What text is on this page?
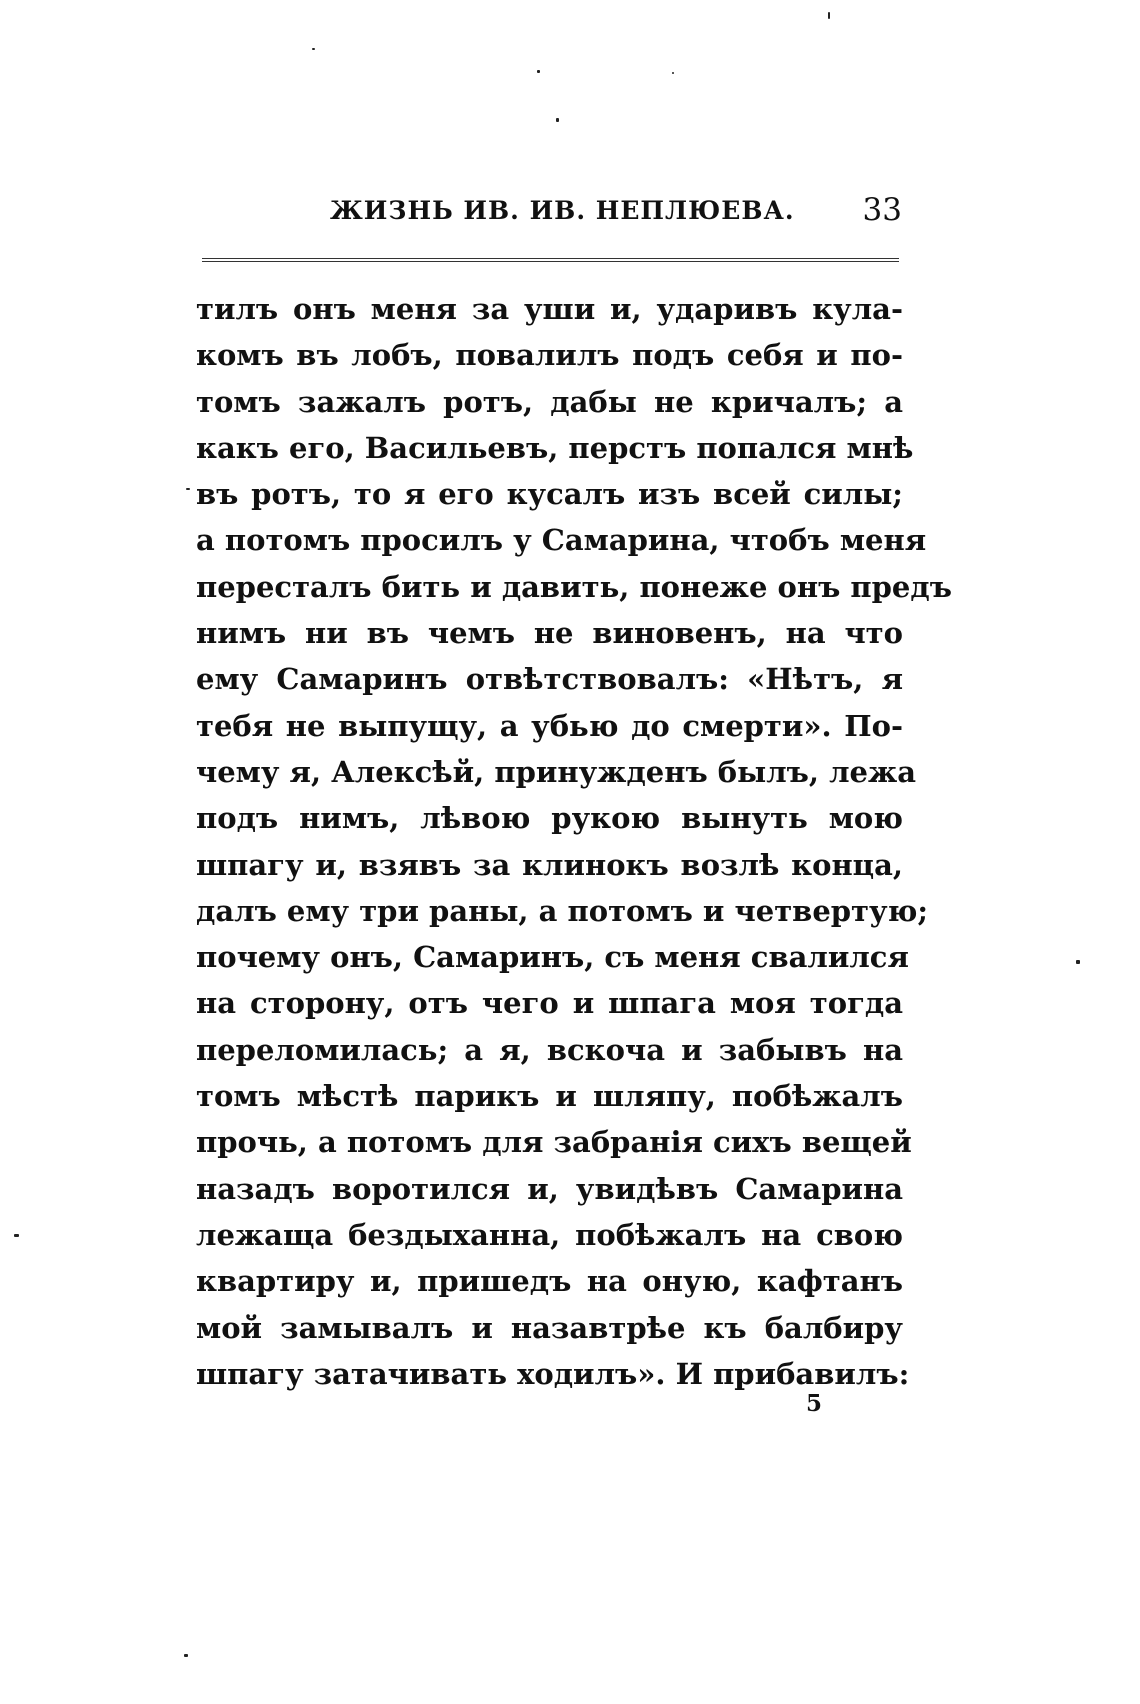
ЖИЗНЬ ИВ. ИВ. НЕПЛЮЕВА.	33
тилъ онъ меня за уши и, ударивъ кула-
комъ въ лобъ, повалилъ подъ себя и по-
томъ зажалъ ротъ, дабы не кричалъ; а
какъ его, Васильевъ, перстъ попался мнѣ
въ ротъ, то я его кусалъ изъ всей силы;
а потомъ просилъ у Самарина, чтобъ меня
пересталъ бить и давить, понеже онъ предъ
нимъ ни въ чемъ не виновенъ, на что
ему Самаринъ отвѣтствовалъ: «Нѣтъ, я
тебя не выпущу, а убью до смерти». По-
чему я, Алексѣй, принужденъ былъ, лежа
подъ нимъ, лѣвою рукою вынуть мою
шпагу и, взявъ за клинокъ возлѣ конца,
далъ ему три раны, а потомъ и четвертую;
почему онъ, Самаринъ, съ меня свалился
на сторону, отъ чего и шпага моя тогда
переломилась; а я, вскоча и забывъ на
томъ мѣстѣ парикъ и шляпу, побѣжалъ
прочь, а потомъ для забранія сихъ вещей
назадъ воротился и, увидѣвъ Самарина
лежаща бездыханна, побѣжалъ на свою
квартиру и, пришедъ на оную, кафтанъ
мой замывалъ и назавтрѣе къ балбиру
шпагу затачивать ходилъ». И прибавилъ:
5
